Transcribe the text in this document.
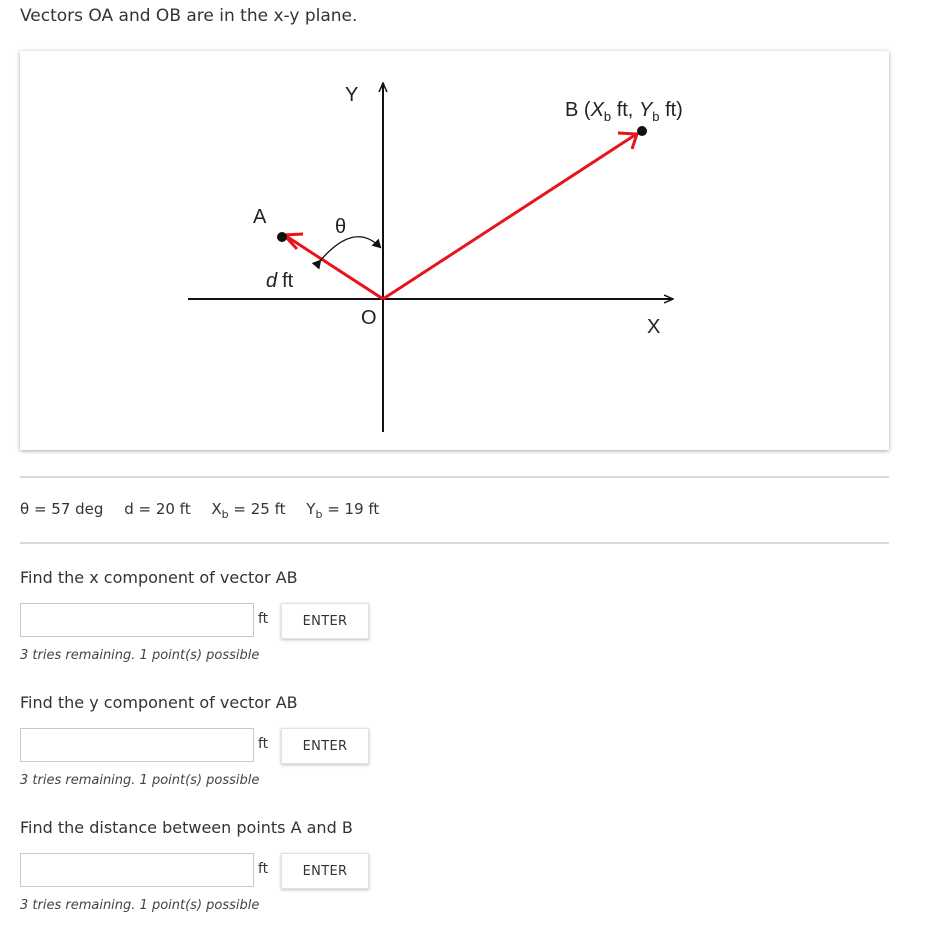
Vectors OA and OB are in the x-y plane.
Y
X
O
A	θ
d ft
B ($X_b$ ft, $Y_b$ ft)
θ = 57 deg d = 20 ft $X_b = 25$ ft $Y_b = 19$ ft
Find the x component of vector AB
ft	ENTER
3 tries remaining. 1 point(s) possible
Find the y component of vector AB
ft	ENTER
3 tries remaining. 1 point(s) possible
Find the distance between points A and B
ft	ENTER
3 tries remaining. 1 point(s) possible
